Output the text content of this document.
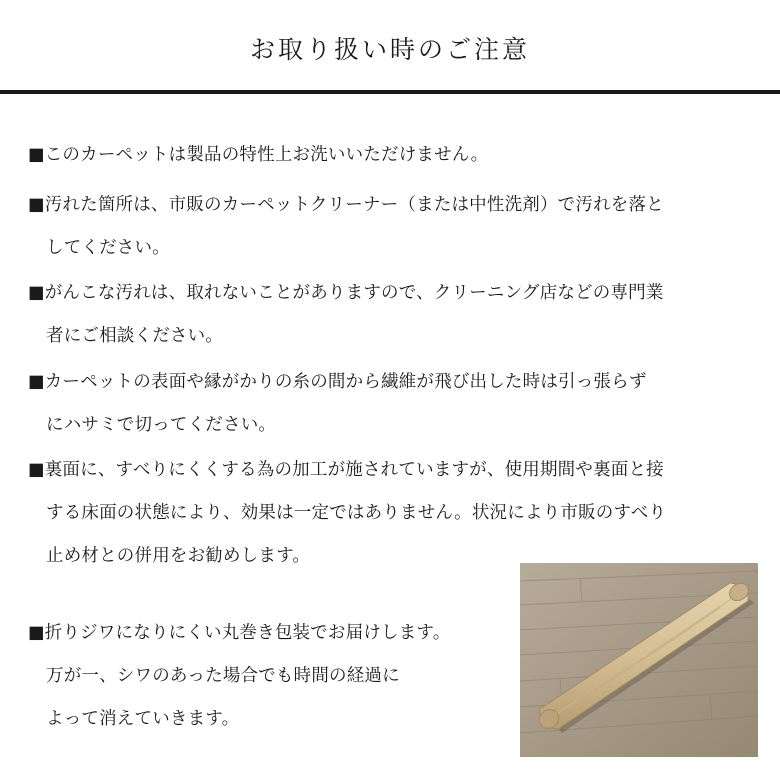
お取り扱い時のご注意
■このカーペットは製品の特性上お洗いいただけません。
■汚れた箇所は、市販のカーペットクリーナー（または中性洗剤）で汚れを落と
してください。
■がんこな汚れは、取れないことがありますので、クリーニング店などの専門業
者にご相談ください。
■カーペットの表面や縁がかりの糸の間から繊維が飛び出した時は引っ張らず
にハサミで切ってください。
■裏面に、すべりにくくする為の加工が施されていますが、使用期間や裏面と接
する床面の状態により、効果は一定ではありません。状況により市販のすべり
止め材との併用をお勧めします。
■折りジワになりにくい丸巻き包装でお届けします。
万が一、シワのあった場合でも時間の経過に
よって消えていきます。
